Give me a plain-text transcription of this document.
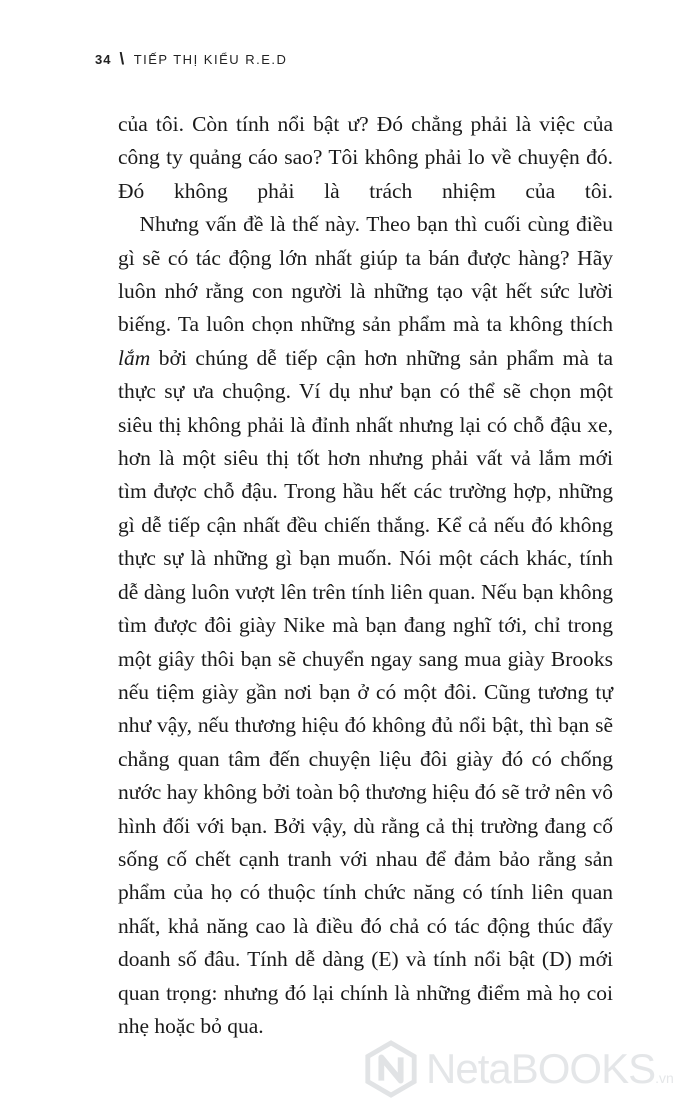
34 \ TIẾP THỊ KIỂU R.E.D

của tôi. Còn tính nổi bật ư? Đó chẳng phải là việc của công ty quảng cáo sao? Tôi không phải lo về chuyện đó. Đó không phải là trách nhiệm của tôi.

Nhưng vấn đề là thế này. Theo bạn thì cuối cùng điều gì sẽ có tác động lớn nhất giúp ta bán được hàng? Hãy luôn nhớ rằng con người là những tạo vật hết sức lười biếng. Ta luôn chọn những sản phẩm mà ta không thích lắm bởi chúng dễ tiếp cận hơn những sản phẩm mà ta thực sự ưa chuộng. Ví dụ như bạn có thể sẽ chọn một siêu thị không phải là đỉnh nhất nhưng lại có chỗ đậu xe, hơn là một siêu thị tốt hơn nhưng phải vất vả lắm mới tìm được chỗ đậu. Trong hầu hết các trường hợp, những gì dễ tiếp cận nhất đều chiến thắng. Kể cả nếu đó không thực sự là những gì bạn muốn. Nói một cách khác, tính dễ dàng luôn vượt lên trên tính liên quan. Nếu bạn không tìm được đôi giày Nike mà bạn đang nghĩ tới, chỉ trong một giây thôi bạn sẽ chuyển ngay sang mua giày Brooks nếu tiệm giày gần nơi bạn ở có một đôi. Cũng tương tự như vậy, nếu thương hiệu đó không đủ nổi bật, thì bạn sẽ chẳng quan tâm đến chuyện liệu đôi giày đó có chống nước hay không bởi toàn bộ thương hiệu đó sẽ trở nên vô hình đối với bạn. Bởi vậy, dù rằng cả thị trường đang cố sống cố chết cạnh tranh với nhau để đảm bảo rằng sản phẩm của họ có thuộc tính chức năng có tính liên quan nhất, khả năng cao là điều đó chả có tác động thúc đẩy doanh số đâu. Tính dễ dàng (E) và tính nổi bật (D) mới quan trọng: nhưng đó lại chính là những điểm mà họ coi nhẹ hoặc bỏ qua.

NetaBOOKS.vn
